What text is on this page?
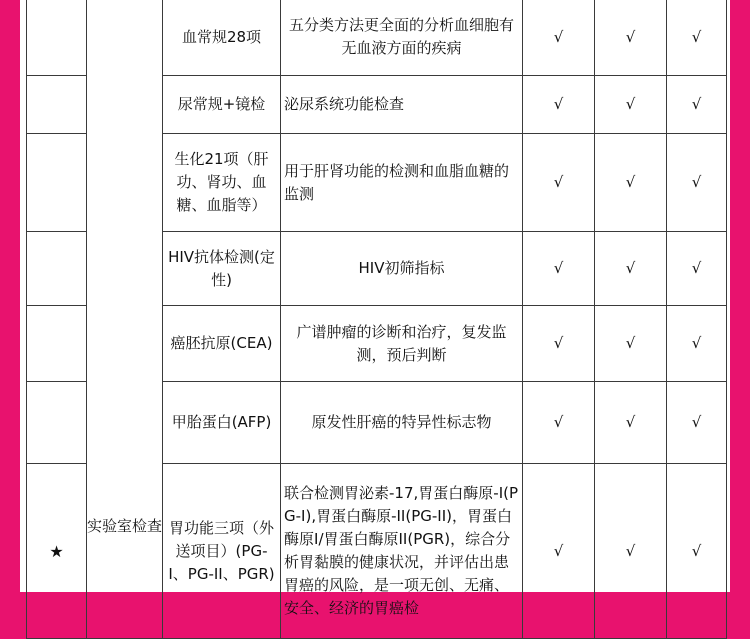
	实验室检查	血常规28项	五分类方法更全面的分析血细胞有无血液方面的疾病	√	√	√
		尿常规+镜检	泌尿系统功能检查	√	√	√
		生化21项（肝功、肾功、血糖、血脂等）	用于肝肾功能的检测和血脂血糖的监测	√	√	√
		HIV抗体检测(定性)	HIV初筛指标	√	√	√
		癌胚抗原(CEA)	广谱肿瘤的诊断和治疗，复发监测，预后判断	√	√	√
		甲胎蛋白(AFP)	原发性肝癌的特异性标志物	√	√	√
★		胃功能三项（外送项目）(PG-I、PG-II、PGR)	联合检测胃泌素-17,胃蛋白酶原-I(PG-I),胃蛋白酶原-II(PG-II)，胃蛋白酶原I/胃蛋白酶原II(PGR)，综合分析胃黏膜的健康状况，并评估出患胃癌的风险，是一项无创、无痛、安全、经济的胃癌检	√	√	√
